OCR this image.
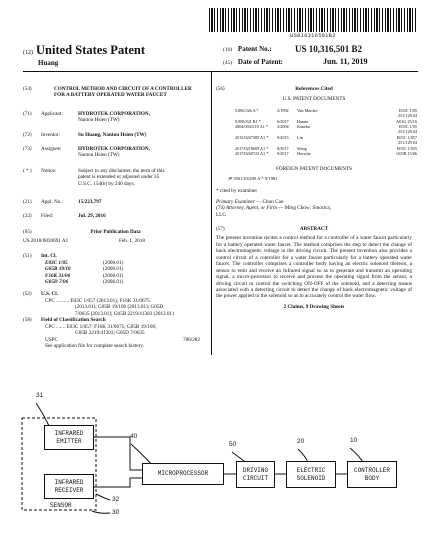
US010316501B2
(12) United States Patent
Huang
(10) Patent No.:	US 10,316,501 B2
(45) Date of Patent:	Jun. 11, 2019
(54)	CONTROL METHOD AND CIRCUIT OF A CONTROLLER FOR A BATTERY OPERATED WATER FAUCET
(71) Applicant:	HYDROTEK CORPORATION,
Nantou Hsien (TW)
(72) Inventor:	Su Huang, Nantou Hsien (TW)
(73) Assignee:	HYDROTEK CORPORATION,
Nantou Hsien (TW)
( * ) Notice:	Subject to any disclaimer, the term of this
patent is extended or adjusted under 35
U.S.C. 154(b) by 240 days.
(21) Appl. No.:	15/223,797
(22) Filed:	Jul. 29, 2016
(65)	Prior Publication Data
US 2018/0030691 A1	Feb. 1, 2018
(51) Int. Cl.
E03C 1/05	(2006.01)
G05B 19/10	(2006.01)
F16K 31/06	(2006.01)
G05D 7/06	(2006.01)
(52) U.S. Cl.
CPC .......... E03C 1/057 (2013.01); F16K 31/0675
(2013.01); G05B 19/106 (2013.01); G05D
7/0635 (2013.01); G05B 2219/41303 (2013.01)
(58) Field of Classification Search
CPC ....... E03C 1/057; F16K 31/0675; G05B 19/106;
G05B 2219/41303; G05D 7/0635
USPC	700/282
See application file for complete search history.
(56)	References Cited
U.S. PATENT DOCUMENTS
5,086,526 A *	2/1992 Van Marcke	E03C 1/05
251/129.04
9,908,821 B1 *	6/2017 Hanna	A01G 25/16
2004/0041110 A1 * 3/2004 Kaneko	E03C 1/05
251/129.04
2015/0267385 A1 * 9/2015 Lin	E03C 1/057
251/129.04
2017/0218609 A1 * 8/2017 Wang	E03C 1/055
2017/0260722 A1 * 9/2017 Horwitz	G05B 15/06
FOREIGN PATENT DOCUMENTS
JP 3561310209 A * 9/1981
* cited by examiner
Primary Examiner — Chun Cao
(74) Attorney, Agent, or Firm — Ming Chow; Sinorica,
LLC
(57)	ABSTRACT
The present invention recites a control method for a controller of a water faucet particularly for a battery operated water faucet. The method comprises the step to detect the change of back electromagnetic voltage in the driving circuit. The present invention also provides a control circuit of a controller for a water faucet particularly for a battery operated water faucet. The controller comprises a controller body having an electric solenoid thereon, a sensor to emit and receive an Infrared signal so as to generate and transmit an operating signal, a micro-processor to receive and process the operating signal from the sensor, a driving circuit to control the switching ON-OFF of the solenoid, and a detecting means associated with a detecting circuit to detect the change of back electromagnetic voltage of the power applied to the solenoid so as to accurately control the water flow.
2 Claims, 9 Drawing Sheets
31
40
50	20	10
32
30
INFRARED EMITTER
INFRARED RECEIVER
SENSOR
MICROPROCESSOR	DRIVING CIRCUIT
ELECTRIC SOLENOID
CONTROLLER BODY
